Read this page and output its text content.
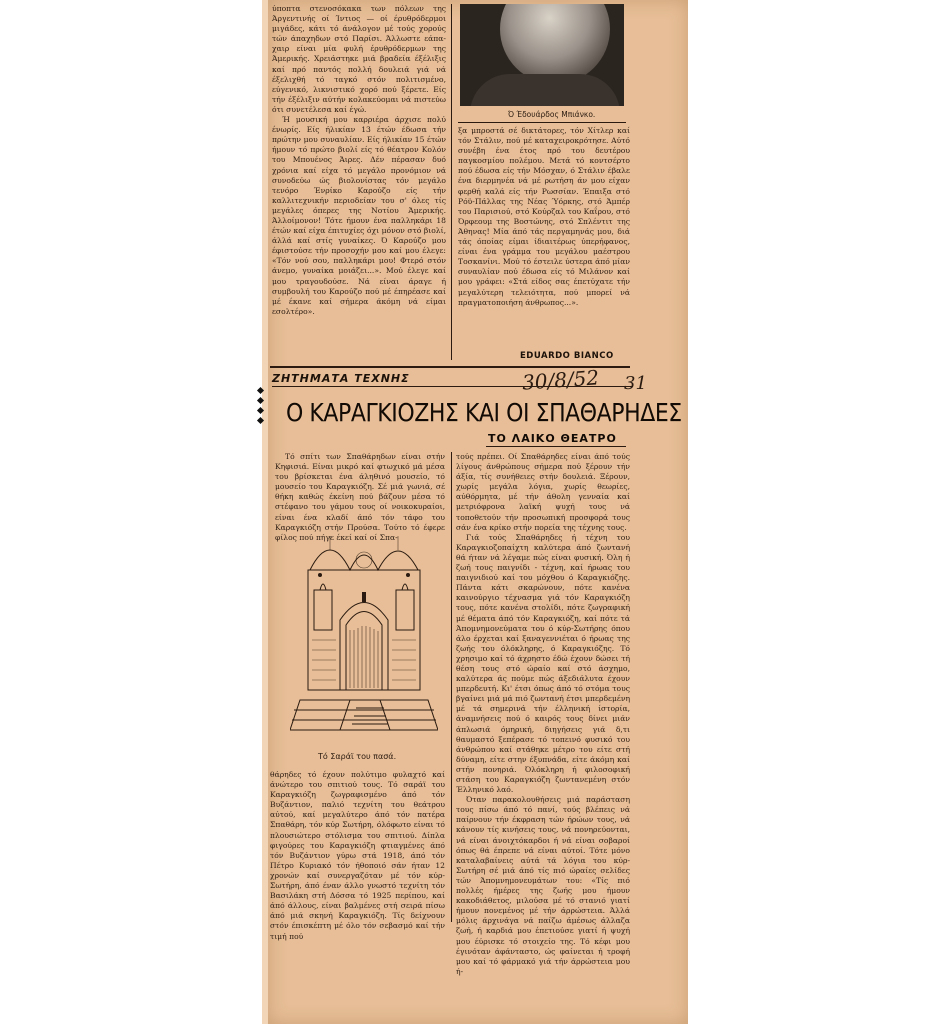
ύποπτα στενοσόκακα των πόλεων της Άργεντινής οί Ίντιος — οί έρυθρόδερμοι μιγάδες, κάτι τό άνάλογον μέ τούς χορούς τών άπαχηδων στό Παρίσι. Άλλωστε εάπα-χαιρ είναι μία φυλή έρυθρόδερμων της Άμερικής. Χρειάστηκε μιά βραδεία έξέλιξις καί πρό παντός πολλή δουλειά γιά νά έξελιχθή τό ταγκό στόν πολιτισμένο, εύγενικό, λικνιστικό χορό πού ξέρετε. Είς τήν έξέλιξιν αύτήν κολακεύομαι νά πιστεύω ότι συνετέλεσα καί έγώ.

Ή μουσική μου καρριέρα άρχισε πολύ ένωρίς. Είς ήλικίαν 13 έτών έδωσα τήν πρώτην μου συναυλίαν. Είς ήλικίαν 15 έτών ήμουν τό πρώτο βιολί είς τό θέατρον Κολόν του Μπουένος Άιρες. Δέν πέρασαν δυό χρόνια καί είχα τό μεγάλο προνόμιον νά συνοδεύω ώς βιολονίστας τόν μεγάλο τενόρο Ένρίκο Καρούζο είς τήν καλλιτεχνικήν περιοδείαν του σ' όλες τίς μεγάλες όπερες της Νοτίου Άμερικής. Άλλοίμονον! Τότε ήμουν ένα παλληκάρι 18 έτών καί είχα έπιτυχίες όχι μόνον στό βιολί, άλλά καί στίς γυναίκες. Ό Καρούζο μου έφιστούσε τήν προσοχήν μου καί μου έλεγε: «Τόν νού σου, παλληκάρι μου! Φτερό στόν άνεμο, γυναίκα μοιάζει...». Μού έλεγε καί μου τραγουδούσε. Νά είναι άραγε ή συμβουλή του Καρούζο πού μέ έπηρέασε καί μέ έκανε καί σήμερα άκόμη νά είμαι εσολτέρο».

Ό Έδουάρδος Μπιάνκο.

ξα μπροστά σέ δικτάτορες, τόν Χίτλερ καί τόν Στάλιν, πού μέ καταχειροκρότησε. Αύτό συνέβη ένα έτος πρό του δευτέρου παγκοσμίου πολέμου. Μετά τό κοντσέρτο πού έδωσα είς τήν Μόσχαν, ό Στάλιν έβαλε ένα διερμηνέα νά μέ ρωτήση άν μου είχαν φερθή καλά είς τήν Ρωσσίαν. Έπαιξα στό Ρόϋ-Πάλλας της Νέας Ύόρκης, στό Άμπέρ του Παρισιού, στό Κούρζαλ του Καΐρου, στό Όρφεουμ της Βοστώνης, στό Σπλέντιτ της Άθηνας! Μία άπό τάς περγαμηνάς μου, διά τάς όποίας είμαι ίδιαιτέρως ύπερήφανος, είναι ένα γράμμα του μεγάλου μαέστρου Τοσκανίνι. Μού τό έστειλε ύστερα άπό μίαν συναυλίαν πού έδωσα είς τό Μιλάνον καί μου γράφει: «Στά είδος σας έπετύχατε τήν μεγαλύτερη τελειότητα, πού μπορεί νά πραγματοποιήση άνθρωπος...».

EDUARDO BIANCO
ΖΗΤΗΜΑΤΑ ΤΕΧΝΗΣ	30/8/52 31
Ο ΚΑΡΑΓΚΙΟΖΗΣ ΚΑΙ ΟΙ ΣΠΑΘΑΡΗΔΕΣ
ΤΟ ΛΑΙΚΟ ΘΕΑΤΡΟ

Τό σπίτι των Σπαθάρηδων είναι στήν Κηφισιά. Είναι μικρό καί φτωχικό μά μέσα του βρίσκεται ένα άληθινό μουσείο, τό μουσείο του Καραγκιόζη. Σέ μιά γωνιά, σέ θήκη καθώς έκείνη πού βάζουν μέσα τό στέφανο του γάμου τους οί νοικοκυραίοι, είναι ένα κλαδί άπό τόν τάφο του Καραγκιόζη στήν Προύσα. Τούτο τό έφερε φίλος πού πήγε έκεί καί οί Σπα-

Τό Σαράϊ του πασά.

θάρηδες τό έχουν πολύτιμο φυλαχτό καί άνώτερο του σπιτιού τους. Τό σαράϊ του Καραγκιόζη ζωγραφισμένο άπό τόν Βυζάντιον, παλιό τεχνίτη του θεάτρου αύτού, καί μεγαλύτερο άπό τόν πατέρα Σπαθάρη, τόν κύρ Σωτήρη, όλόφωτο είναι τό πλουσιώτερο στόλισμα του σπιτιού. Δίπλα φιγούρες του Καραγκιόζη φτιαγμένες άπό τόν Βυζάντιον γύρω στά 1918, άπό τόν Πέτρο Κυριακό τόν ήθοποιό σάν ήταν 12 χρονών καί συνεργαζόταν μέ τόν κύρ-Σωτήρη, άπό έναν άλλο γνωστό τεχνίτη τόν Βασιλάκη στή Δόσσα τό 1925 περίπου, καί άπό άλλους, είναι βαλμένες στή σειρά πίσω άπό μιά σκηνή Καραγκιόζη. Τίς δείχνουν στόν έπισκέπτη μέ όλο τόν σεβασμό καί τήν τιμή πού

τούς πρέπει. Οί Σπαθάρηδες είναι άπό τούς λίγους άνθρώπους σήμερα πού ξέρουν τήν άξία, τίς συνήθειες στήν δουλειά. Ξέρουν, χωρίς μεγάλα λόγια, χωρίς θεωρίες, αύθόρμητα, μέ τήν άθολη γενναία καί μετριόφρονα λαϊκή ψυχή τους νά τοποθετούν τήν προσωπική προσφορά τους σάν ένα κρίκο στήν πορεία της τέχνης τους.

Γιά τούς Σπαθάρηδες ή τέχνη του Καραγκιοζοπαίχτη καλύτερα άπό ζωντανή θά ήταν νά λέγαμε πώς είναι φυσική. Όλη ή ζωή τους παιγνίδι - τέχνη, καί ήρωας του παιγνιδιού καί του μόχθου ό Καραγκιόζης. Πάντα κάτι σκαρώνουν, πότε κανένα καινούργιο τέχνασμα γιά τόν Καραγκιόζη τους, πότε κανένα στολίδι, πότε ζωγραφική μέ θέματα άπό τόν Καραγκιόζη, καί πότε τά Άπομνημονεύματα του ό κύρ-Σωτήρης όπου άλο έρχεται καί ξαναγεννιέται ό ήρωας της ζωής του όλόκληρης, ό Καραγκιόζης. Τό χρησιμο καί τό άχρηστο έδώ έχουν δώσει τή θέση τους στό ώραίο καί στό άσχημο, καλύτερα άς πούμε πώς άξεδιάλυτα έχουν μπερδευτή. Κι' έτσι όπως άπό τό στόμα τους βγαίνει μιά μά πιό ζωντανή έτσι μπερδεμένη μέ τά σημερινά τήν έλληνική ίστορία, άναμνήσεις πού ό καιρός τους δίνει μιάν άπλωσιά όμηρική, διηγήσεις γιά δ,τι θαυμαστό ξεπέρασε τό τοπεινό φυσικό του άνθρώπου καί στάθηκε μέτρο του είτε στή δύναμη, είτε στην έξυπνάδα, είτε άκόμη καί στήν πονηριά. Όλόκληρη ή φιλοσοφική στάση του Καραγκιόζη ζωντανεμένη στόν Έλληνικό λαό.

Όταν παρακολουθήσεις μιά παράσταση τους πίσω άπό τό πανί, τούς βλέπεις νά παίρνουν τήν έκφραση τών ήρώων τους, νά κάνουν τίς κινήσεις τους, νά πονηρεύονται, νά είναι άνοιχτόκαρδοι ή νά είναι σοβαροί όπως θά έπρεπε νά είναι αύτοί. Τότε μόνο καταλαβαίνεις αύτά τά λόγια του κύρ-Σωτήρη σέ μιά άπό τίς πιό ώραίες σελίδες τών Άπομνημονευμάτων του: «Τίς πιό πολλές ήμέρες της ζωής μου ήμουν κακοδιάθετος, μιλούσα μέ τό στανιό γιατί ήμουν πονεμένος μέ τήν άρρώστεια. Άλλά μόλις άρχινάγα νά παίζω άμέσως άλλαζα ζωή, ή καρδιά μου έπετιούσε γιατί ή ψυχή μου έύρισκε τό στοιχείο της. Τό κέφι μου έγινόταν άφάνταστο, ώς φαίνεται ή τροφή μου καί τό φάρμακό γιά τήν άρρώστεια μου ή-
